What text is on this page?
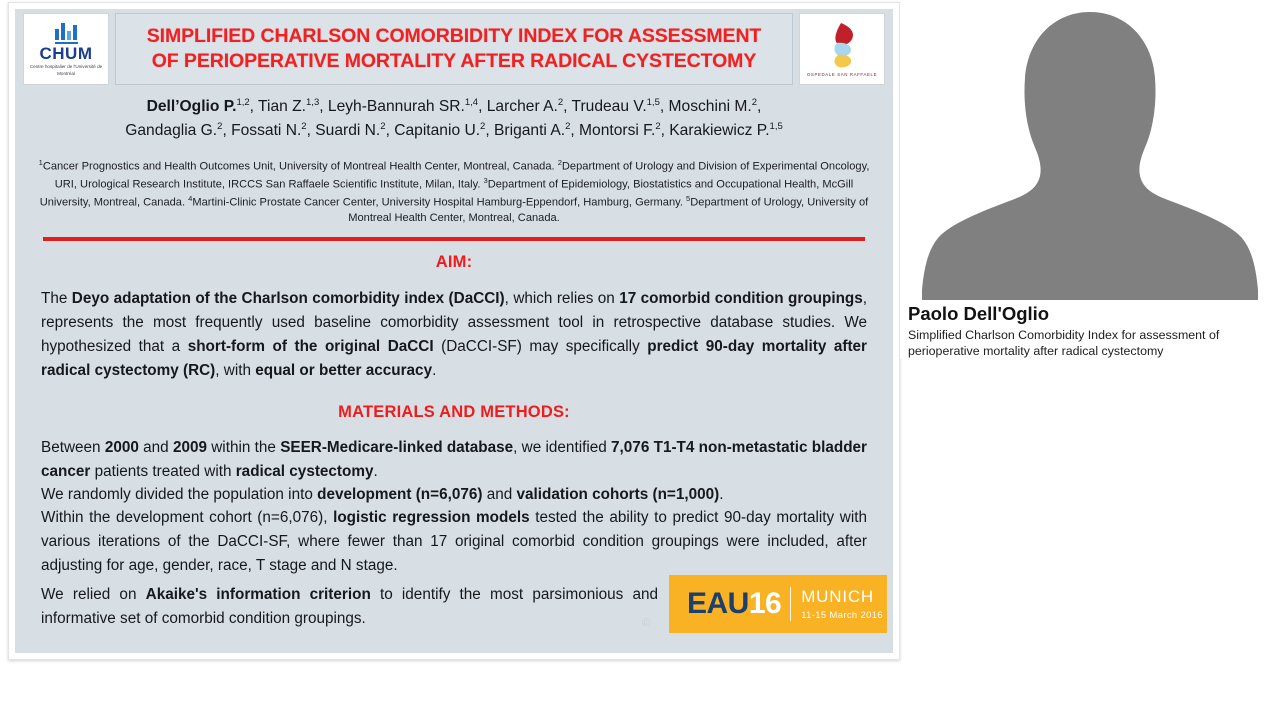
CHUM
Centre hospitalier de l'Université de Montréal
SIMPLIFIED CHARLSON COMORBIDITY INDEX FOR ASSESSMENT
OF PERIOPERATIVE MORTALITY AFTER RADICAL CYSTECTOMY
OSPEDALE SAN RAFFAELE
Dell’Oglio P.$^{1,2}$, Tian Z.$^{1,3}$, Leyh-Bannurah SR.$^{1,4}$, Larcher A.$^2$, Trudeau V.$^{1,5}$, Moschini M.$^2$,
Gandaglia G.$^2$, Fossati N.$^2$, Suardi N.$^2$, Capitanio U.$^2$, Briganti A.$^2$, Montorsi F.$^2$, Karakiewicz P.$^{1,5}$
$^1$Cancer Prognostics and Health Outcomes Unit, University of Montreal Health Center, Montreal, Canada. $^2$Department of Urology and Division of Experimental Oncology, URI, Urological Research Institute, IRCCS San Raffaele Scientific Institute, Milan, Italy. $^3$Department of Epidemiology, Biostatistics and Occupational Health, McGill University, Montreal, Canada. $^4$Martini-Clinic Prostate Cancer Center, University Hospital Hamburg-Eppendorf, Hamburg, Germany. $^5$Department of Urology, University of Montreal Health Center, Montreal, Canada.
AIM:
The Deyo adaptation of the Charlson comorbidity index (DaCCI), which relies on 17 comorbid condition groupings, represents the most frequently used baseline comorbidity assessment tool in retrospective database studies. We hypothesized that a short-form of the original DaCCI (DaCCI-SF) may specifically predict 90-day mortality after radical cystectomy (RC), with equal or better accuracy.
MATERIALS AND METHODS:
Between 2000 and 2009 within the SEER-Medicare-linked database, we identified 7,076 T1-T4 non-metastatic bladder cancer patients treated with radical cystectomy.
We randomly divided the population into development (n=6,076) and validation cohorts (n=1,000).
Within the development cohort (n=6,076), logistic regression models tested the ability to predict 90-day mortality with various iterations of the DaCCI-SF, where fewer than 17 original comorbid condition groupings were included, after adjusting for age, gender, race, T stage and N stage.
We relied on Akaike's information criterion to identify the most parsimonious and informative set of comorbid condition groupings.	©
EAU 16 MUNICH
11-15 March 2016
Paolo Dell'Oglio
Simplified Charlson Comorbidity Index for assessment of
perioperative mortality after radical cystectomy
